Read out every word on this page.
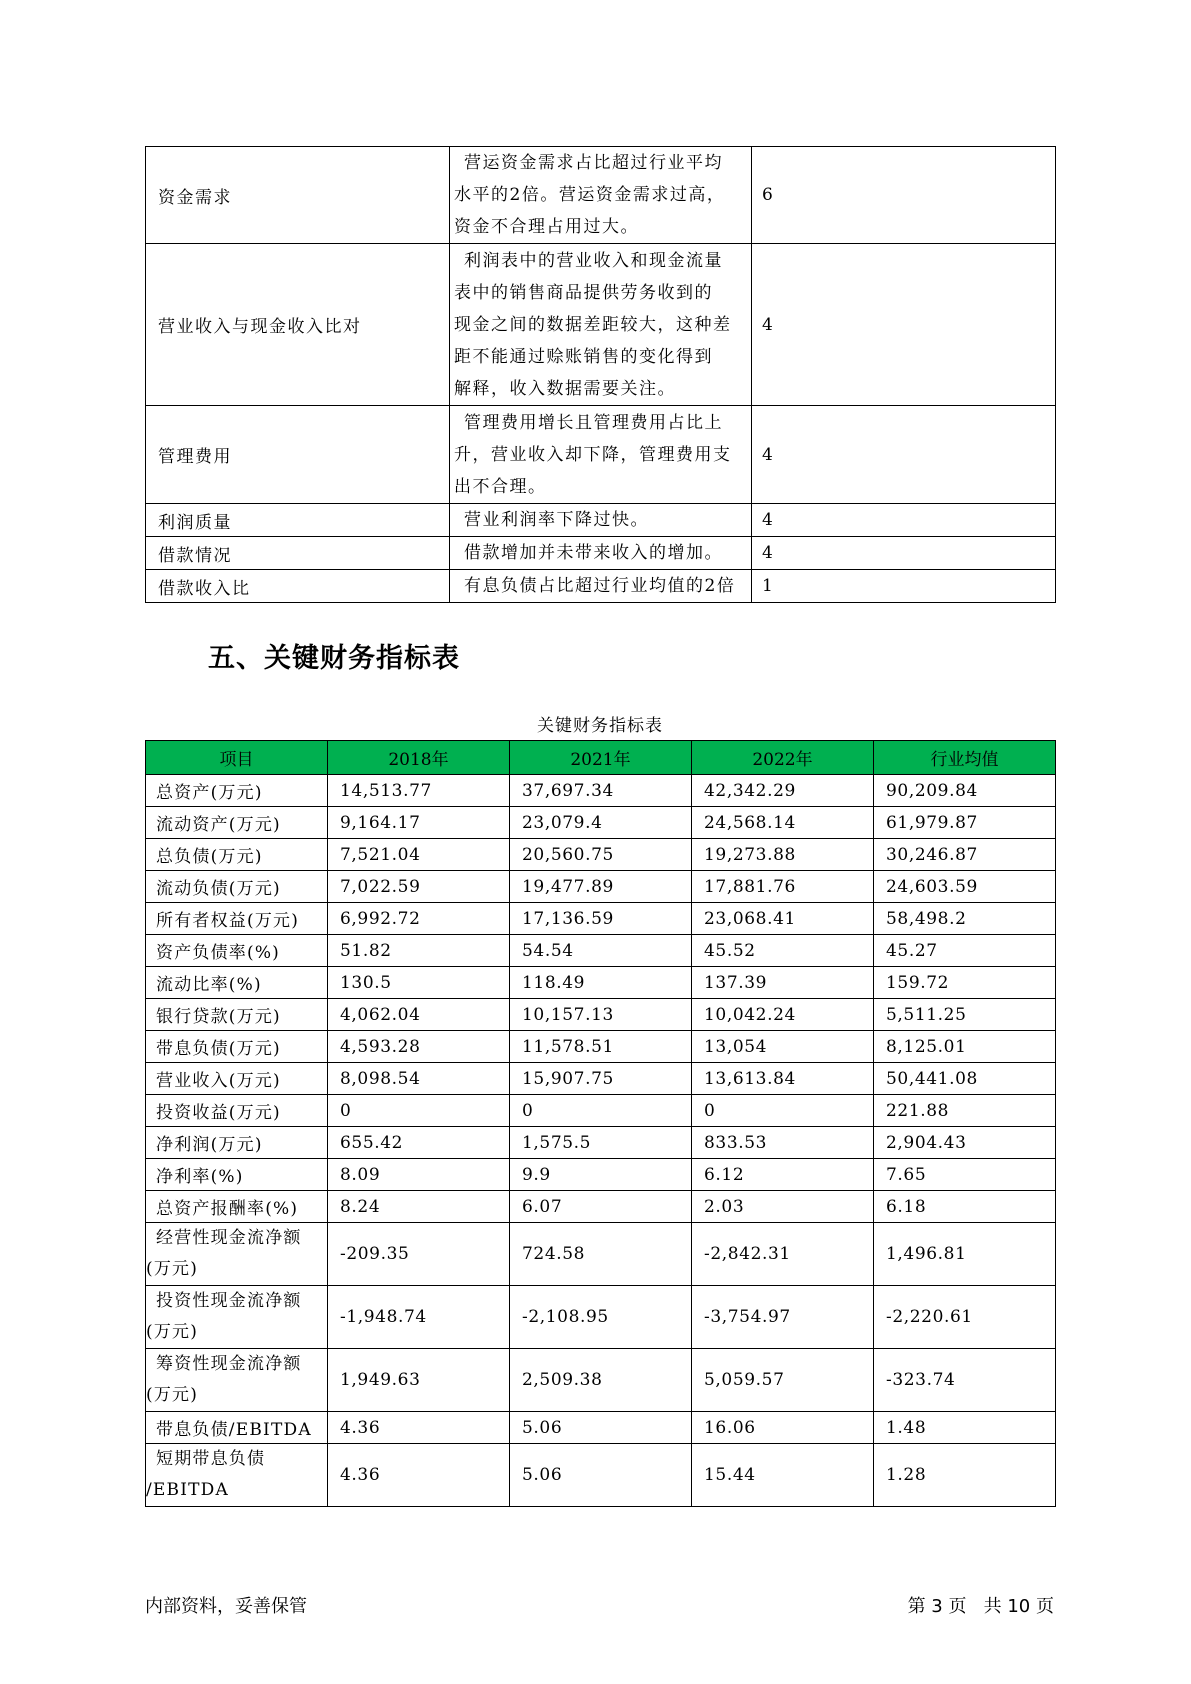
资金需求	营运资金需求占比超过行业平均
水平的2倍。营运资金需求过高，
资金不合理占用过大。	6
营业收入与现金收入比对	利润表中的营业收入和现金流量
表中的销售商品提供劳务收到的
现金之间的数据差距较大，这种差
距不能通过赊账销售的变化得到
解释，收入数据需要关注。	4
管理费用	管理费用增长且管理费用占比上
升，营业收入却下降，管理费用支
出不合理。	4
利润质量	营业利润率下降过快。	4
借款情况	借款增加并未带来收入的增加。	4
借款收入比	有息负债占比超过行业均值的2倍	1
五、关键财务指标表
关键财务指标表
项目	2018年	2021年	2022年	行业均值

总资产(万元)	14,513.77	37,697.34	42,342.29	90,209.84

流动资产(万元)	9,164.17	23,079.4	24,568.14	61,979.87

总负债(万元)	7,521.04	20,560.75	19,273.88	30,246.87

流动负债(万元)	7,022.59	19,477.89	17,881.76	24,603.59

所有者权益(万元)	6,992.72	17,136.59	23,068.41	58,498.2

资产负债率(%)	51.82	54.54	45.52	45.27

流动比率(%)	130.5	118.49	137.39	159.72

银行贷款(万元)	4,062.04	10,157.13	10,042.24	5,511.25

带息负债(万元)	4,593.28	11,578.51	13,054	8,125.01

营业收入(万元)	8,098.54	15,907.75	13,613.84	50,441.08

投资收益(万元)	0	0	0	221.88

净利润(万元)	655.42	1,575.5	833.53	2,904.43

净利率(%)	8.09	9.9	6.12	7.65

总资产报酬率(%)	8.24	6.07	2.03	6.18

经营性现金流净额
(万元)	-209.35	724.58	-2,842.31	1,496.81

投资性现金流净额
(万元)	-1,948.74	-2,108.95	-3,754.97	-2,220.61

筹资性现金流净额
(万元)	1,949.63	2,509.38	5,059.57	-323.74

带息负债/EBITDA	4.36	5.06	16.06	1.48

短期带息负债
/EBITDA	4.36	5.06	15.44	1.28
内部资料，妥善保管	第 3 页   共 10 页
